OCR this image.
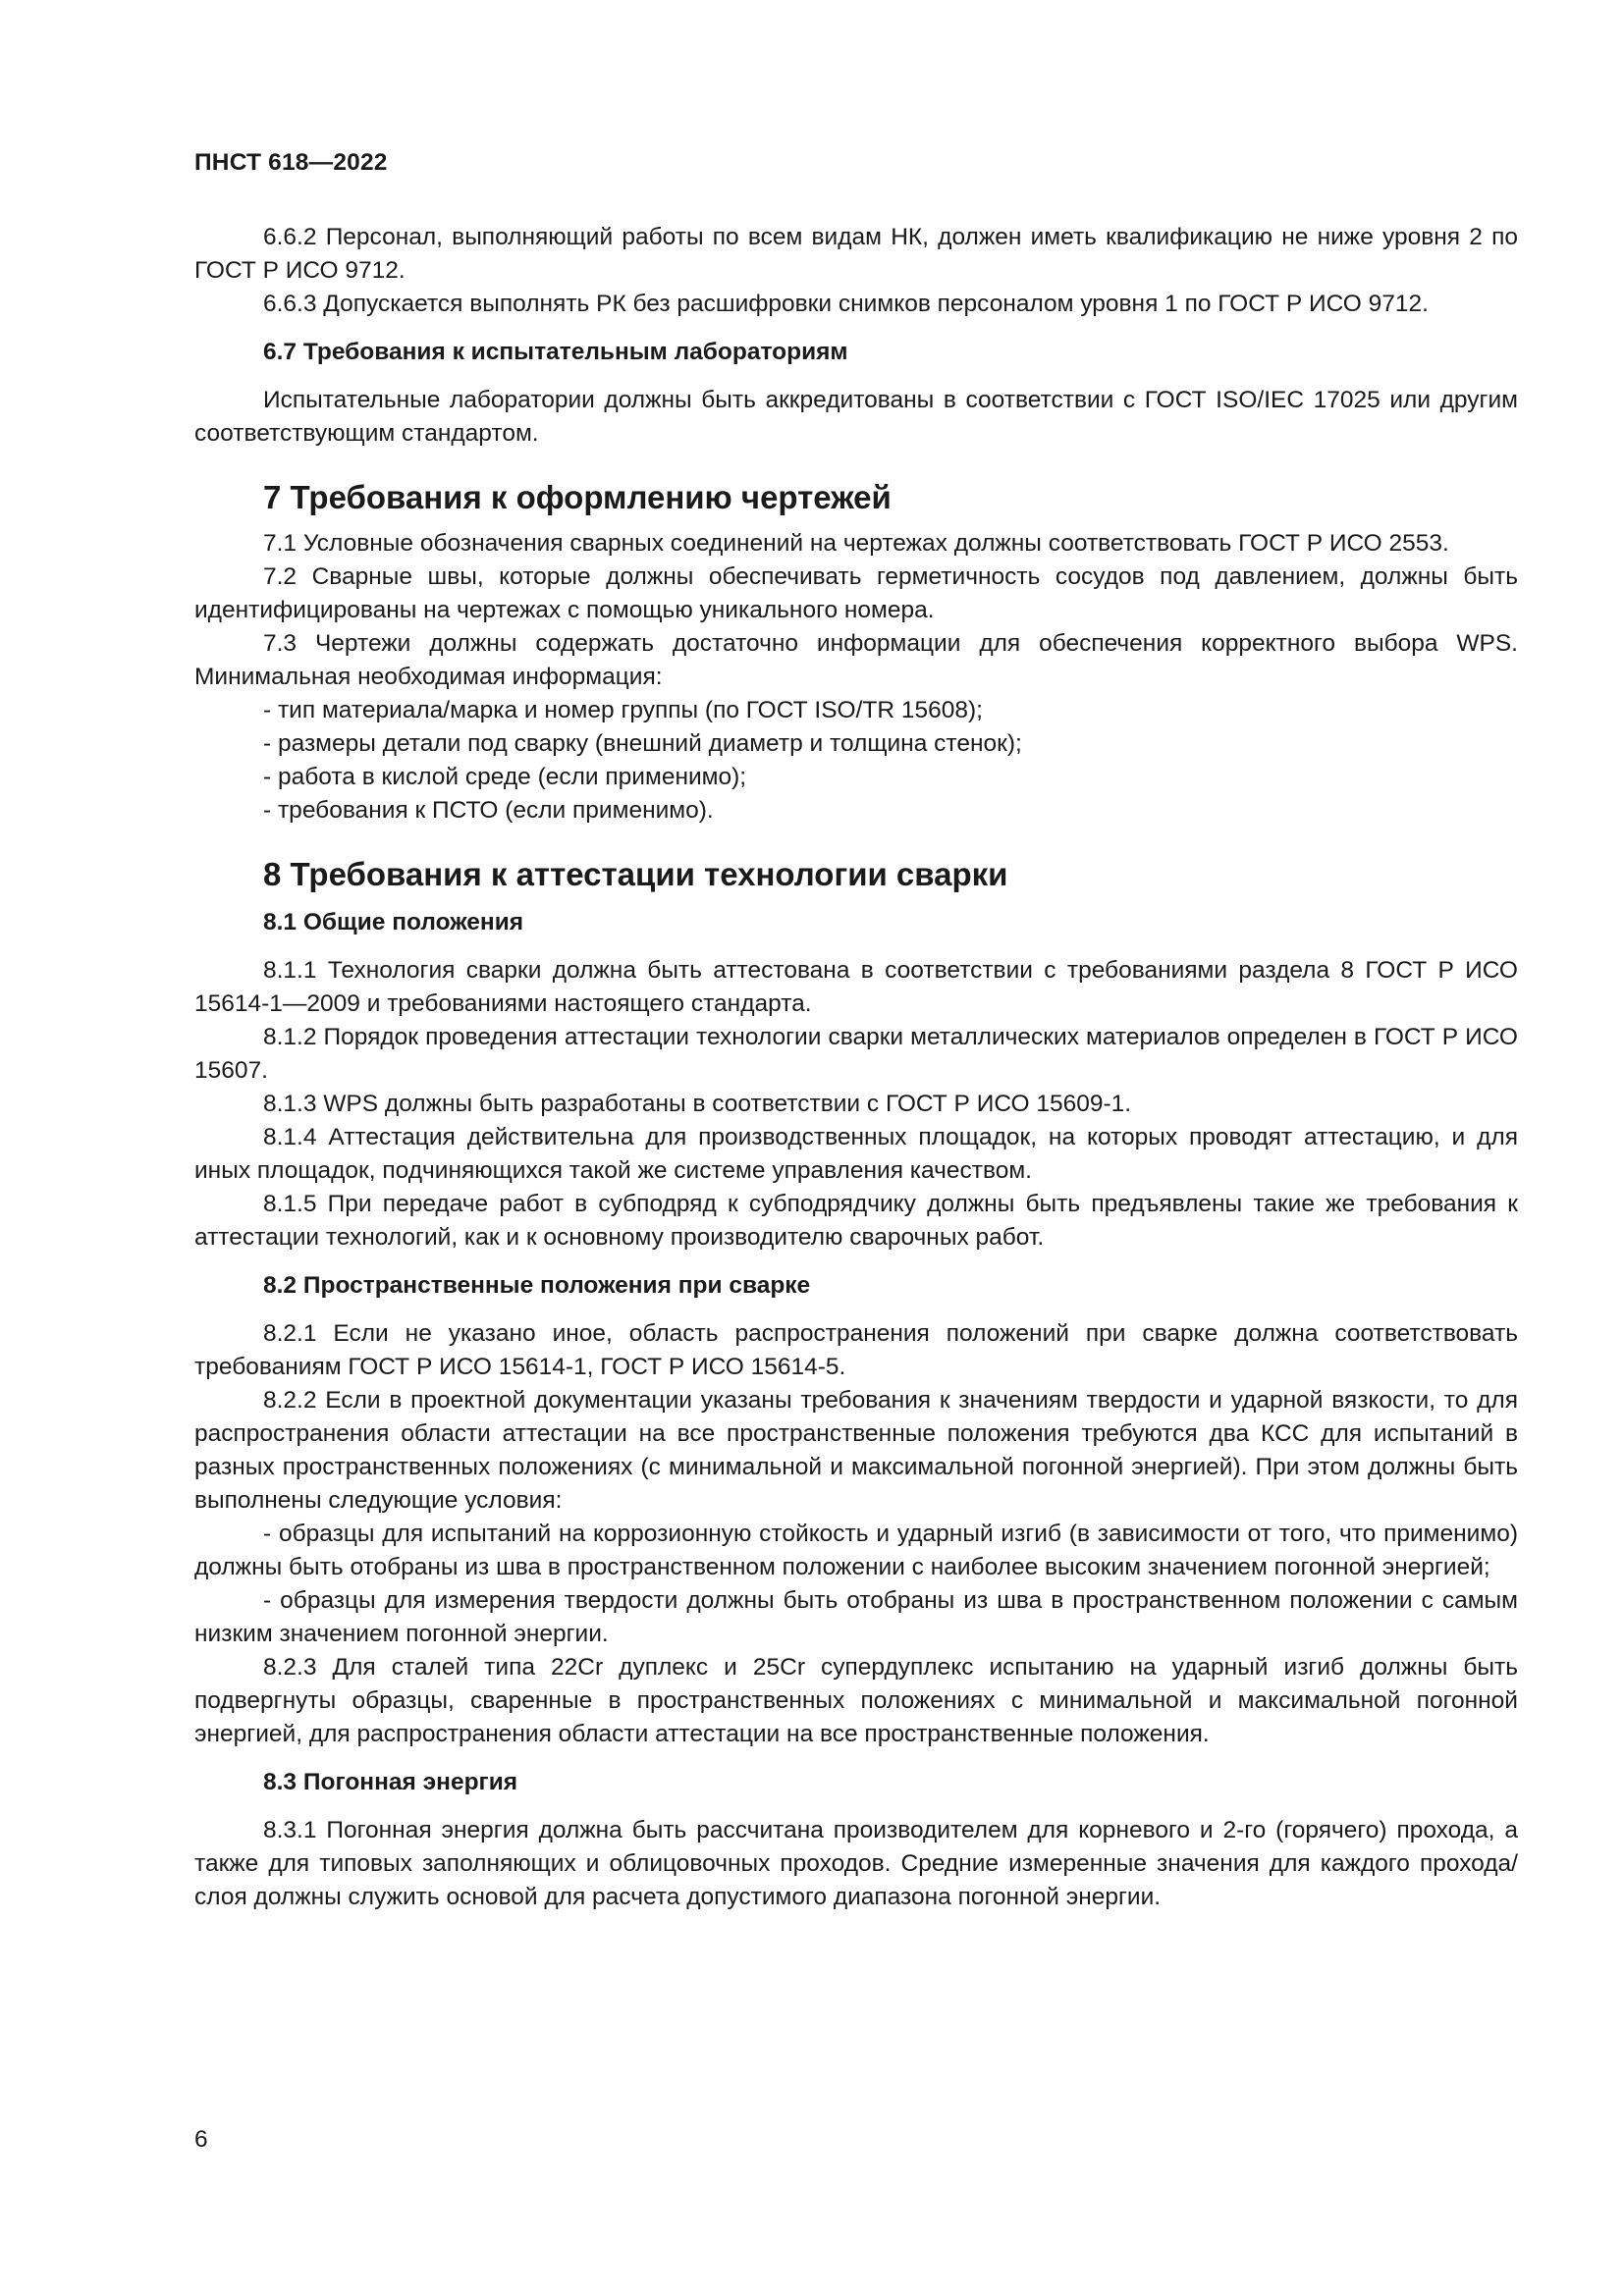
ПНСТ 618—2022

6.6.2 Персонал, выполняющий работы по всем видам НК, должен иметь квалификацию не ниже уровня 2 по ГОСТ Р ИСО 9712.

6.6.3 Допускается выполнять РК без расшифровки снимков персоналом уровня 1 по ГОСТ Р ИСО 9712.

6.7 Требования к испытательным лабораториям

Испытательные лаборатории должны быть аккредитованы в соответствии с ГОСТ ISO/IEC 17025 или другим соответствующим стандартом.

7 Требования к оформлению чертежей

7.1 Условные обозначения сварных соединений на чертежах должны соответствовать ГОСТ Р ИСО 2553.

7.2 Сварные швы, которые должны обеспечивать герметичность сосудов под давлением, должны быть идентифицированы на чертежах с помощью уникального номера.

7.3 Чертежи должны содержать достаточно информации для обеспечения корректного выбора WPS. Минимальная необходимая информация:

- тип материала/марка и номер группы (по ГОСТ ISO/TR 15608);

- размеры детали под сварку (внешний диаметр и толщина стенок);

- работа в кислой среде (если применимо);

- требования к ПСТО (если применимо).

8 Требования к аттестации технологии сварки

8.1 Общие положения

8.1.1 Технология сварки должна быть аттестована в соответствии с требованиями раздела 8 ГОСТ Р ИСО 15614-1—2009 и требованиями настоящего стандарта.

8.1.2 Порядок проведения аттестации технологии сварки металлических материалов определен в ГОСТ Р ИСО 15607.

8.1.3 WPS должны быть разработаны в соответствии с ГОСТ Р ИСО 15609-1.

8.1.4 Аттестация действительна для производственных площадок, на которых проводят аттестацию, и для иных площадок, подчиняющихся такой же системе управления качеством.

8.1.5 При передаче работ в субподряд к субподрядчику должны быть предъявлены такие же требования к аттестации технологий, как и к основному производителю сварочных работ.

8.2 Пространственные положения при сварке

8.2.1 Если не указано иное, область распространения положений при сварке должна соответствовать требованиям ГОСТ Р ИСО 15614-1, ГОСТ Р ИСО 15614-5.

8.2.2 Если в проектной документации указаны требования к значениям твердости и ударной вязкости, то для распространения области аттестации на все пространственные положения требуются два КСС для испытаний в разных пространственных положениях (с минимальной и максимальной погонной энергией). При этом должны быть выполнены следующие условия:

- образцы для испытаний на коррозионную стойкость и ударный изгиб (в зависимости от того, что применимо) должны быть отобраны из шва в пространственном положении с наиболее высоким значением погонной энергией;

- образцы для измерения твердости должны быть отобраны из шва в пространственном положении с самым низким значением погонной энергии.

8.2.3 Для сталей типа 22Cr дуплекс и 25Cr супердуплекс испытанию на ударный изгиб должны быть подвергнуты образцы, сваренные в пространственных положениях с минимальной и максимальной погонной энергией, для распространения области аттестации на все пространственные положения.

8.3 Погонная энергия

8.3.1 Погонная энергия должна быть рассчитана производителем для корневого и 2-го (горячего) прохода, а также для типовых заполняющих и облицовочных проходов. Средние измеренные значения для каждого прохода/слоя должны служить основой для расчета допустимого диапазона погонной энергии.

6
